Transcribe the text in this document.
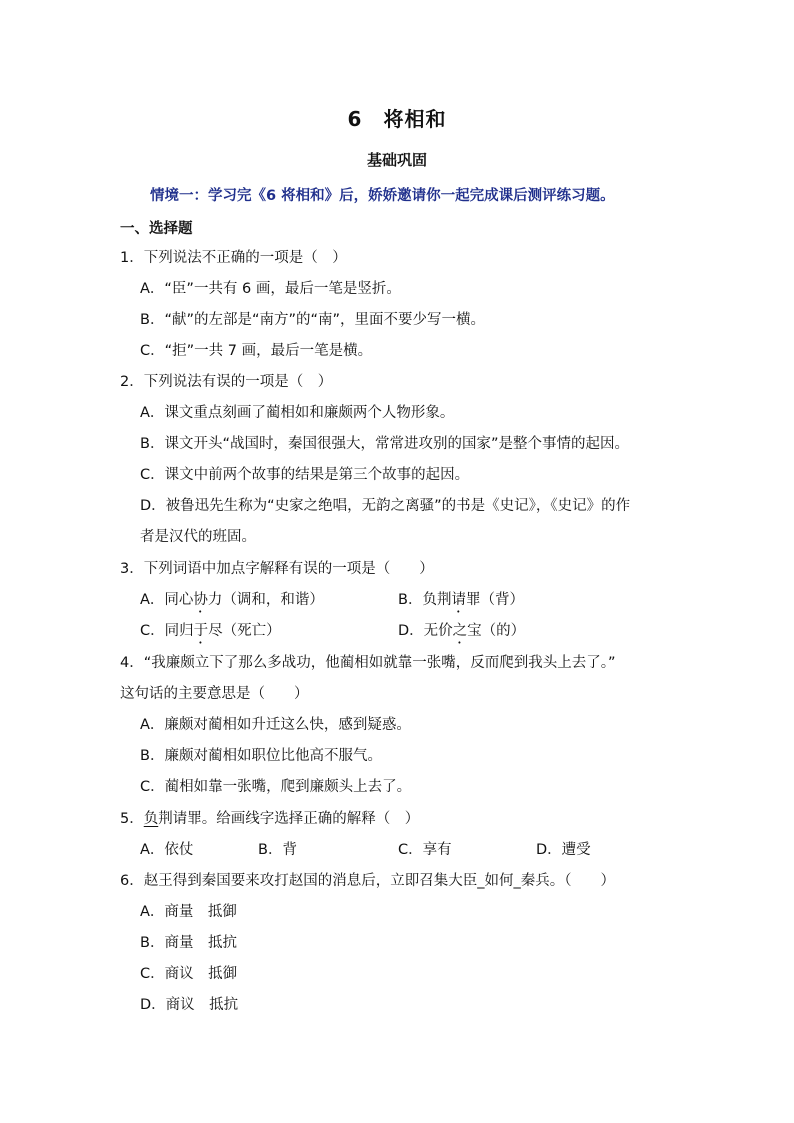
6　将相和
基础巩固
情境一：学习完《6 将相和》后，娇娇邀请你一起完成课后测评练习题。
一、选择题
1．下列说法不正确的一项是（　）
A．“臣”一共有 6 画，最后一笔是竖折。
B．“献”的左部是“南方”的“南”，里面不要少写一横。
C．“拒”一共 7 画，最后一笔是横。
2．下列说法有误的一项是（　）
A．课文重点刻画了蔺相如和廉颇两个人物形象。
B．课文开头“战国时，秦国很强大，常常进攻别的国家”是整个事情的起因。
C．课文中前两个故事的结果是第三个故事的起因。
D．被鲁迅先生称为“史家之绝唱，无韵之离骚”的书是《史记》，《史记》的作
者是汉代的班固。
3．下列词语中加点字解释有误的一项是（　　）
A．同心协力（调和，和谐）	B．负荆请罪（背）
C．同归于尽（死亡）	D．无价之宝（的）
4．“我廉颇立下了那么多战功，他蔺相如就靠一张嘴，反而爬到我头上去了。”
这句话的主要意思是（　　）
A．廉颇对蔺相如升迁这么快，感到疑惑。
B．廉颇对蔺相如职位比他高不服气。
C．蔺相如靠一张嘴，爬到廉颇头上去了。
5．负荆请罪。给画线字选择正确的解释（　）
A．依仗	B．背	C．享有	D．遭受
6．赵王得到秦国要来攻打赵国的消息后，立即召集大臣_如何_秦兵。（　　）
A．商量　抵御
B．商量　抵抗
C．商议　抵御
D．商议　抵抗
